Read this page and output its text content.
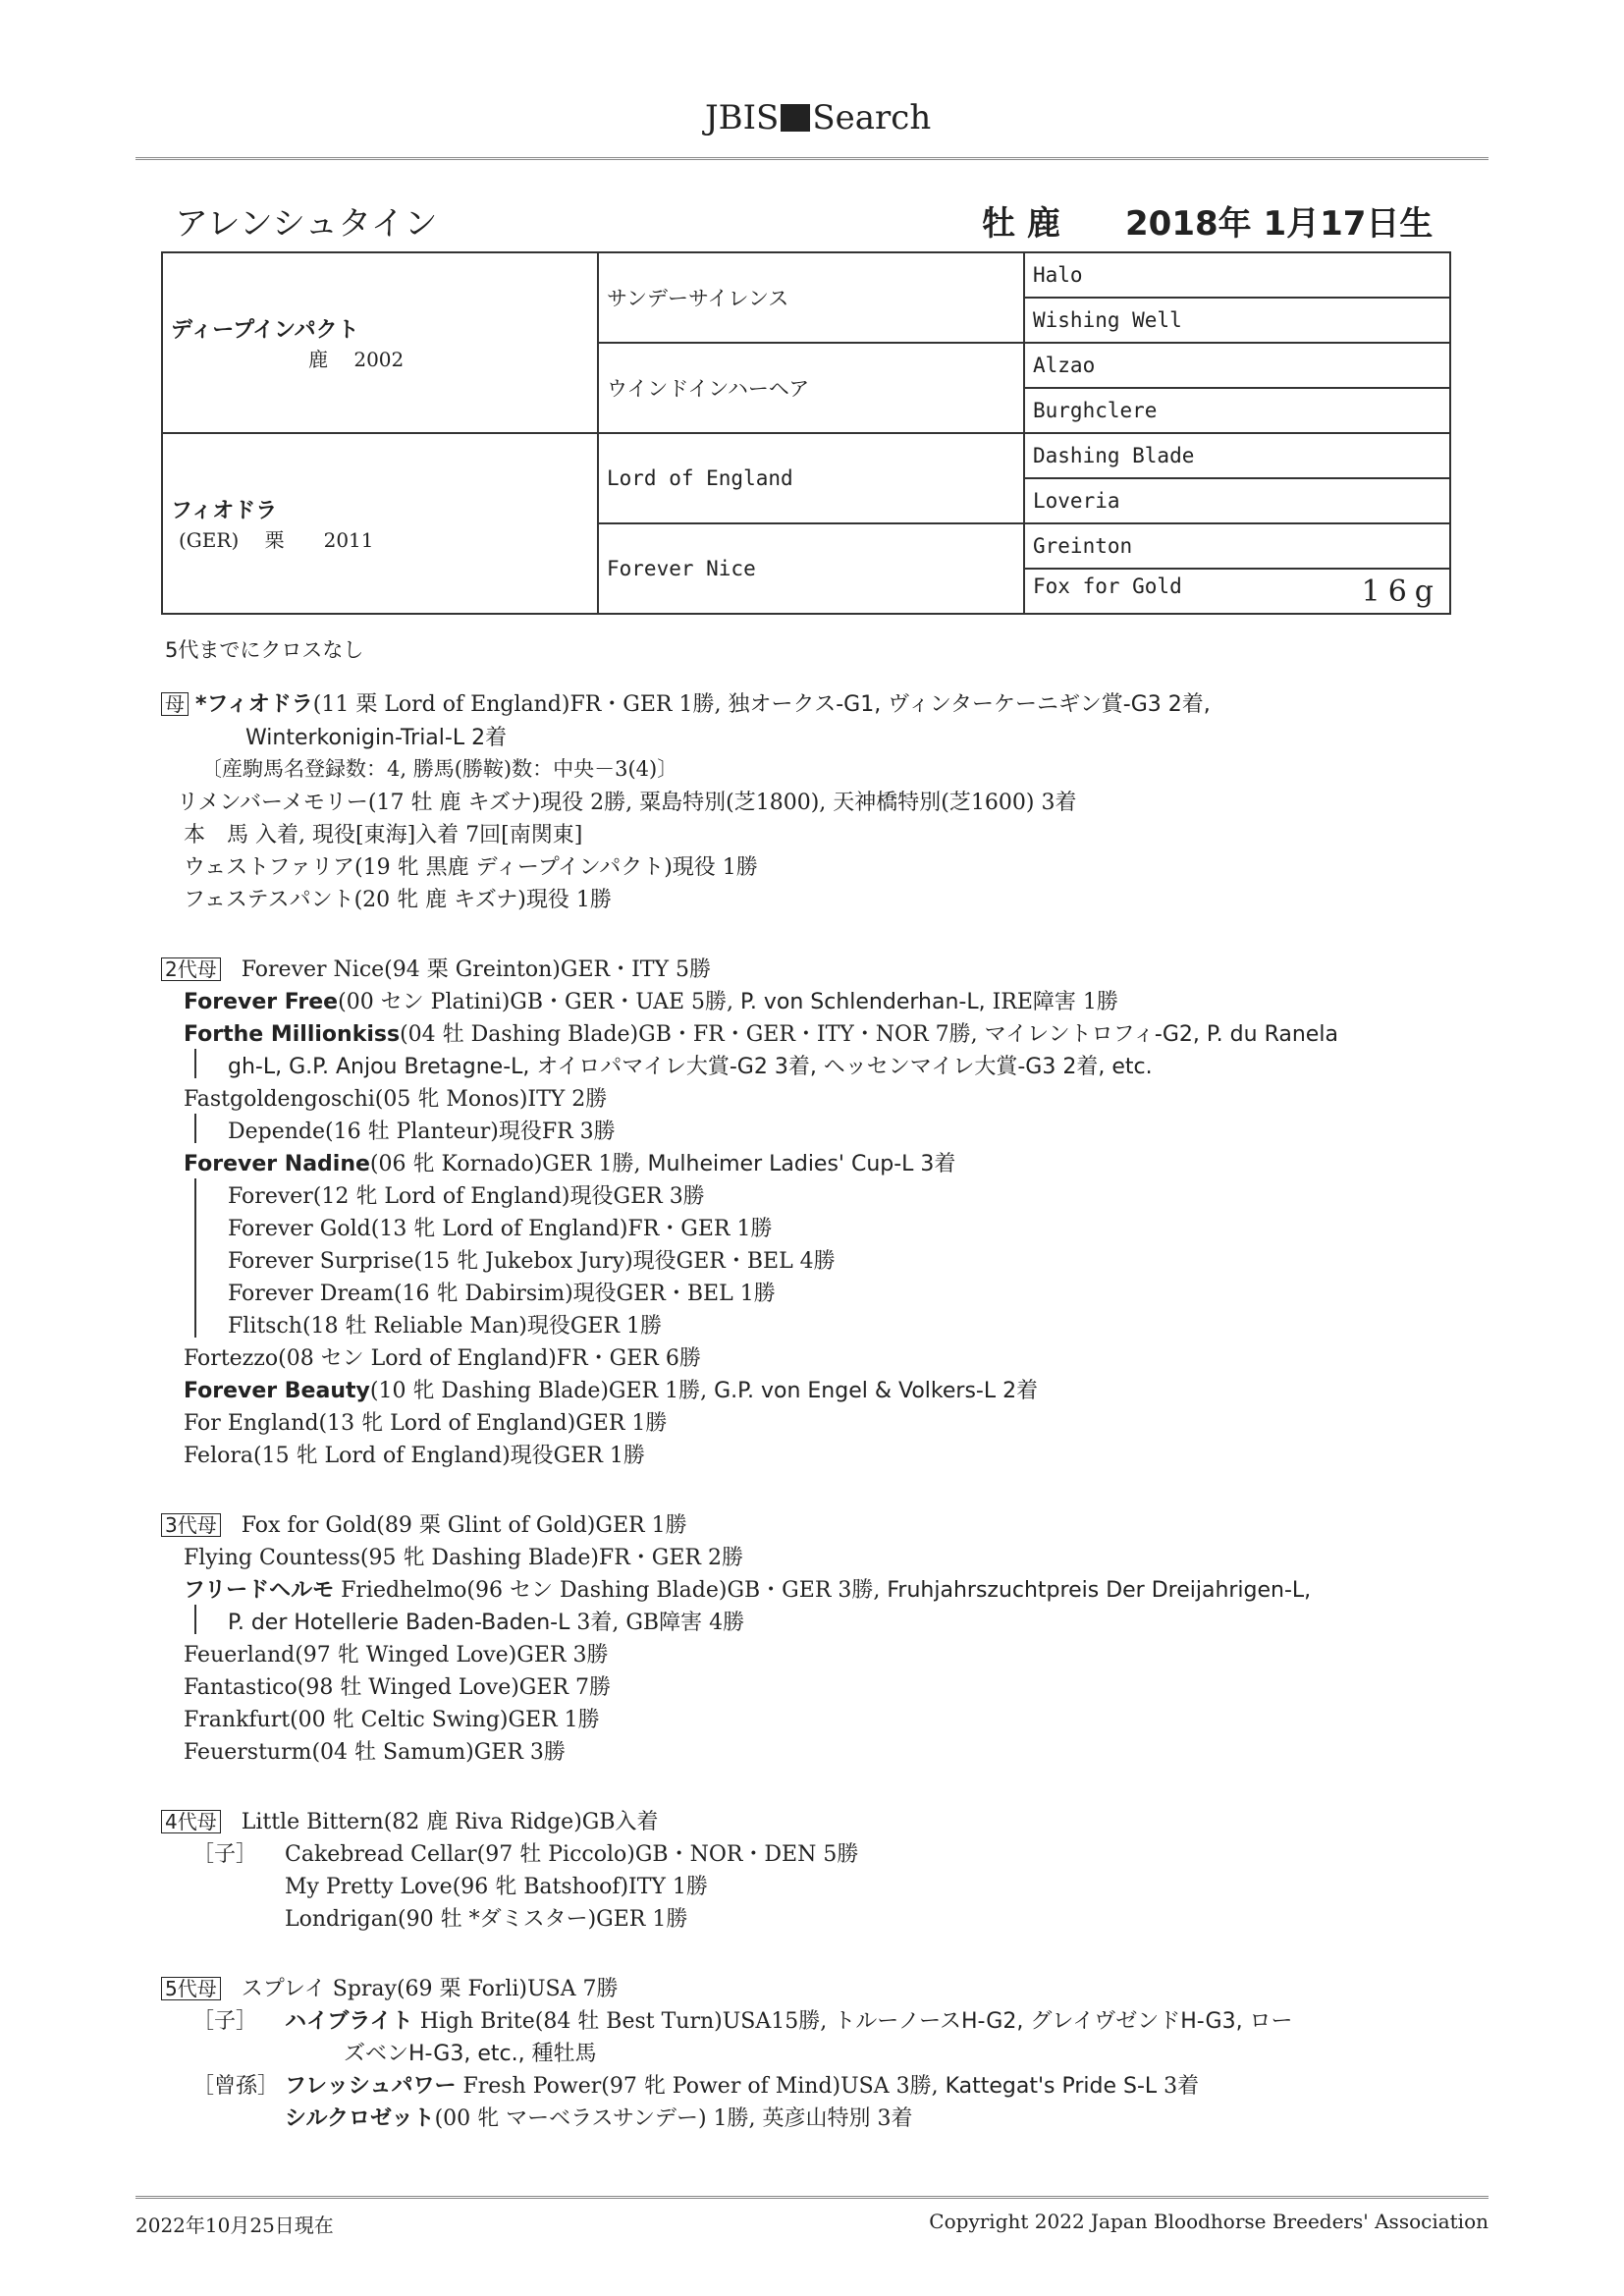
JBIS Search
アレンシュタイン	牡 鹿 2018年 1月17日生
ディープインパクト
鹿　 2002	サンデーサイレンス	Halo
		Wishing Well
	ウインドインハーヘア	Alzao
		Burghclere

フィオドラ
(GER)　 栗　　2011	Lord of England	Dashing Blade
		Loveria
	Forever Nice	Greinton
		Fox for Gold 16g
5代までにクロスなし
母 *フィオドラ(11 栗 Lord of England)FR・GER 1勝, 独オークス-G1, ヴィンターケーニギン賞-G3 2着,
Winterkonigin-Trial-L 2着
〔産駒馬名登録数：4, 勝馬(勝鞍)数：中央－3(4)〕
リメンバーメモリー(17 牡 鹿 キズナ)現役 2勝, 粟島特別(芝1800), 天神橋特別(芝1600) 3着
本　馬 入着, 現役[東海]入着 7回[南関東]
ウェストファリア(19 牝 黒鹿 ディープインパクト)現役 1勝
フェステスパント(20 牝 鹿 キズナ)現役 1勝
2代母 Forever Nice(94 栗 Greinton)GER・ITY 5勝
Forever Free(00 セン Platini)GB・GER・UAE 5勝, P. von Schlenderhan-L, IRE障害 1勝
Forthe Millionkiss(04 牡 Dashing Blade)GB・FR・GER・ITY・NOR 7勝, マイレントロフィ-G2, P. du Ranela
gh-L, G.P. Anjou Bretagne-L, オイロパマイレ大賞-G2 3着, ヘッセンマイレ大賞-G3 2着, etc.
Fastgoldengoschi(05 牝 Monos)ITY 2勝
Depende(16 牡 Planteur)現役FR 3勝
Forever Nadine(06 牝 Kornado)GER 1勝, Mulheimer Ladies' Cup-L 3着
Forever(12 牝 Lord of England)現役GER 3勝
Forever Gold(13 牝 Lord of England)FR・GER 1勝
Forever Surprise(15 牝 Jukebox Jury)現役GER・BEL 4勝
Forever Dream(16 牝 Dabirsim)現役GER・BEL 1勝
Flitsch(18 牡 Reliable Man)現役GER 1勝
Fortezzo(08 セン Lord of England)FR・GER 6勝
Forever Beauty(10 牝 Dashing Blade)GER 1勝, G.P. von Engel & Volkers-L 2着
For England(13 牝 Lord of England)GER 1勝
Felora(15 牝 Lord of England)現役GER 1勝
3代母 Fox for Gold(89 栗 Glint of Gold)GER 1勝
Flying Countess(95 牝 Dashing Blade)FR・GER 2勝
フリードヘルモ Friedhelmo(96 セン Dashing Blade)GB・GER 3勝, Fruhjahrszuchtpreis Der Dreijahrigen-L,
P. der Hotellerie Baden-Baden-L 3着, GB障害 4勝
Feuerland(97 牝 Winged Love)GER 3勝
Fantastico(98 牡 Winged Love)GER 7勝
Frankfurt(00 牝 Celtic Swing)GER 1勝
Feuersturm(04 牡 Samum)GER 3勝
4代母 Little Bittern(82 鹿 Riva Ridge)GB入着
［子］ Cakebread Cellar(97 牡 Piccolo)GB・NOR・DEN 5勝
My Pretty Love(96 牝 Batshoof)ITY 1勝
Londrigan(90 牡 *ダミスター)GER 1勝
5代母 スプレイ Spray(69 栗 Forli)USA 7勝
［子］ ハイブライト High Brite(84 牡 Best Turn)USA15勝, トルーノースH-G2, グレイヴゼンドH-G3, ロー
ズベンH-G3, etc., 種牡馬
［曾孫］ フレッシュパワー Fresh Power(97 牝 Power of Mind)USA 3勝, Kattegat's Pride S-L 3着
シルクロゼット(00 牝 マーベラスサンデー) 1勝, 英彦山特別 3着
2022年10月25日現在	Copyright 2022 Japan Bloodhorse Breeders' Association
